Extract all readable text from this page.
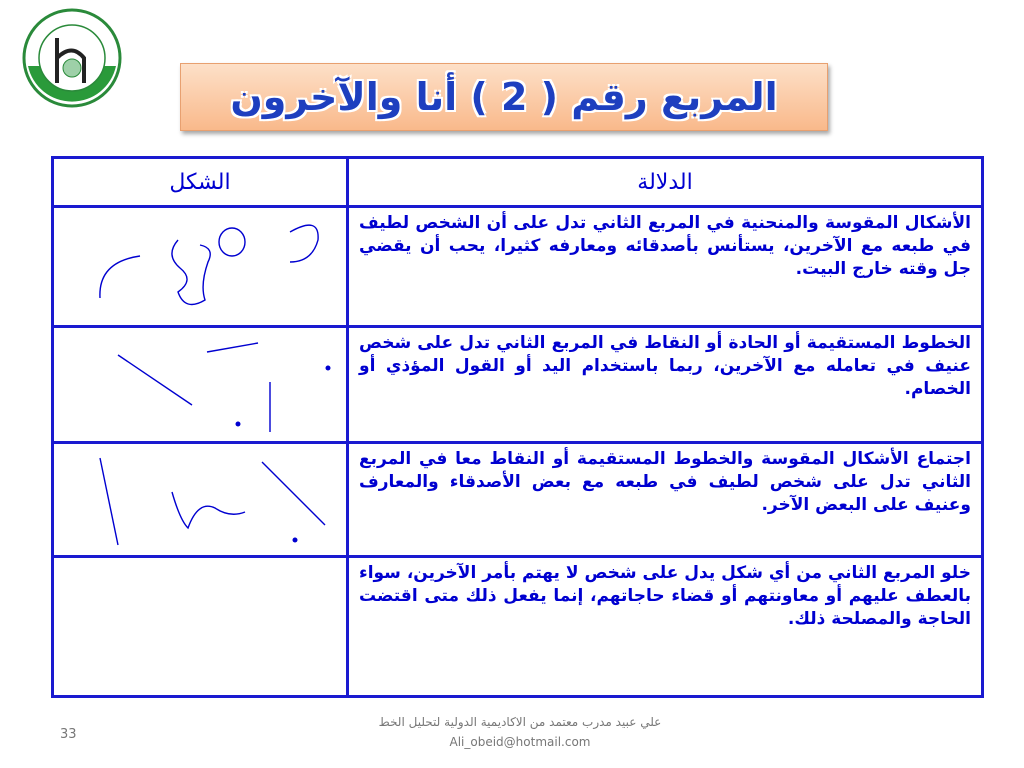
المربع رقم ( 2 ) أنا والآخرون
الدلالة	الشكل
الأشكال المقوسة والمنحنية في المربع الثاني تدل على أن الشخص لطيف في طبعه مع الآخرين، يستأنس بأصدقائه ومعارفه كثيرا، يحب أن يقضي جل وقته خارج البيت.	
الخطوط المستقيمة أو الحادة أو النقاط في المربع الثاني تدل على شخص عنيف في تعامله مع الآخرين، ربما باستخدام اليد أو القول المؤذي أو الخصام.	
اجتماع الأشكال المقوسة والخطوط المستقيمة أو النقاط معا في المربع الثاني تدل على شخص لطيف في طبعه مع بعض الأصدقاء والمعارف وعنيف على البعض الآخر.	
خلو المربع الثاني من أي شكل يدل على شخص لا يهتم بأمر الآخرين، سواء بالعطف عليهم أو معاونتهم أو قضاء حاجاتهم، إنما يفعل ذلك متى اقتضت الحاجة والمصلحة ذلك.	
33
علي عبيد مدرب معتمد من الاكاديمية الدولية لتحليل الخط
Ali_obeid@hotmail.com
